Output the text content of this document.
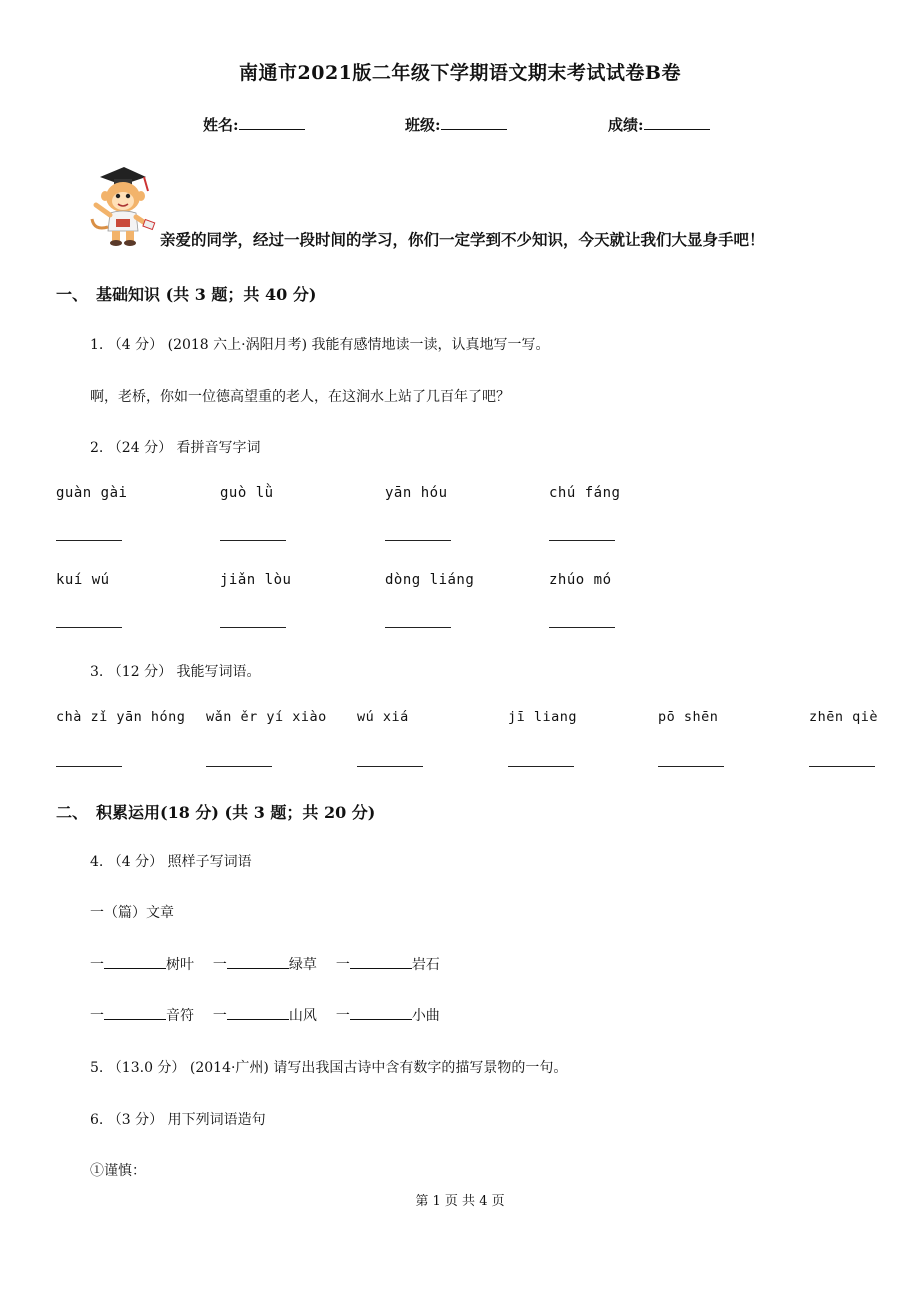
南通市2021版二年级下学期语文期末考试试卷B卷
姓名:	班级:	成绩:
亲爱的同学，经过一段时间的学习，你们一定学到不少知识，今天就让我们大显身手吧！
一、　基础知识 (共 3 题；共 40 分)
1. （4 分） (2018 六上·涡阳月考) 我能有感情地读一读，认真地写一写。
啊，老桥，你如一位德高望重的老人，在这涧水上站了几百年了吧？
2. （24 分） 看拼音写字词
guàn gài	guò lǜ	yān hóu	chú fáng
kuí wú	jiǎn lòu	dòng liáng	zhúo mó
3. （12 分） 我能写词语。
chà zǐ yān hóng wǎn ěr yí xiào wú xiá	jī liang	pō shēn	zhēn qiè
二、　积累运用(18 分) (共 3 题；共 20 分)
4. （4 分） 照样子写词语
一（篇）文章
一	树叶 一	绿草 一	岩石
一	音符 一	山风 一	小曲
5. （13.0 分） (2014·广州) 请写出我国古诗中含有数字的描写景物的一句。
6. （3 分） 用下列词语造句
①谨慎：
第 1 页 共 4 页
